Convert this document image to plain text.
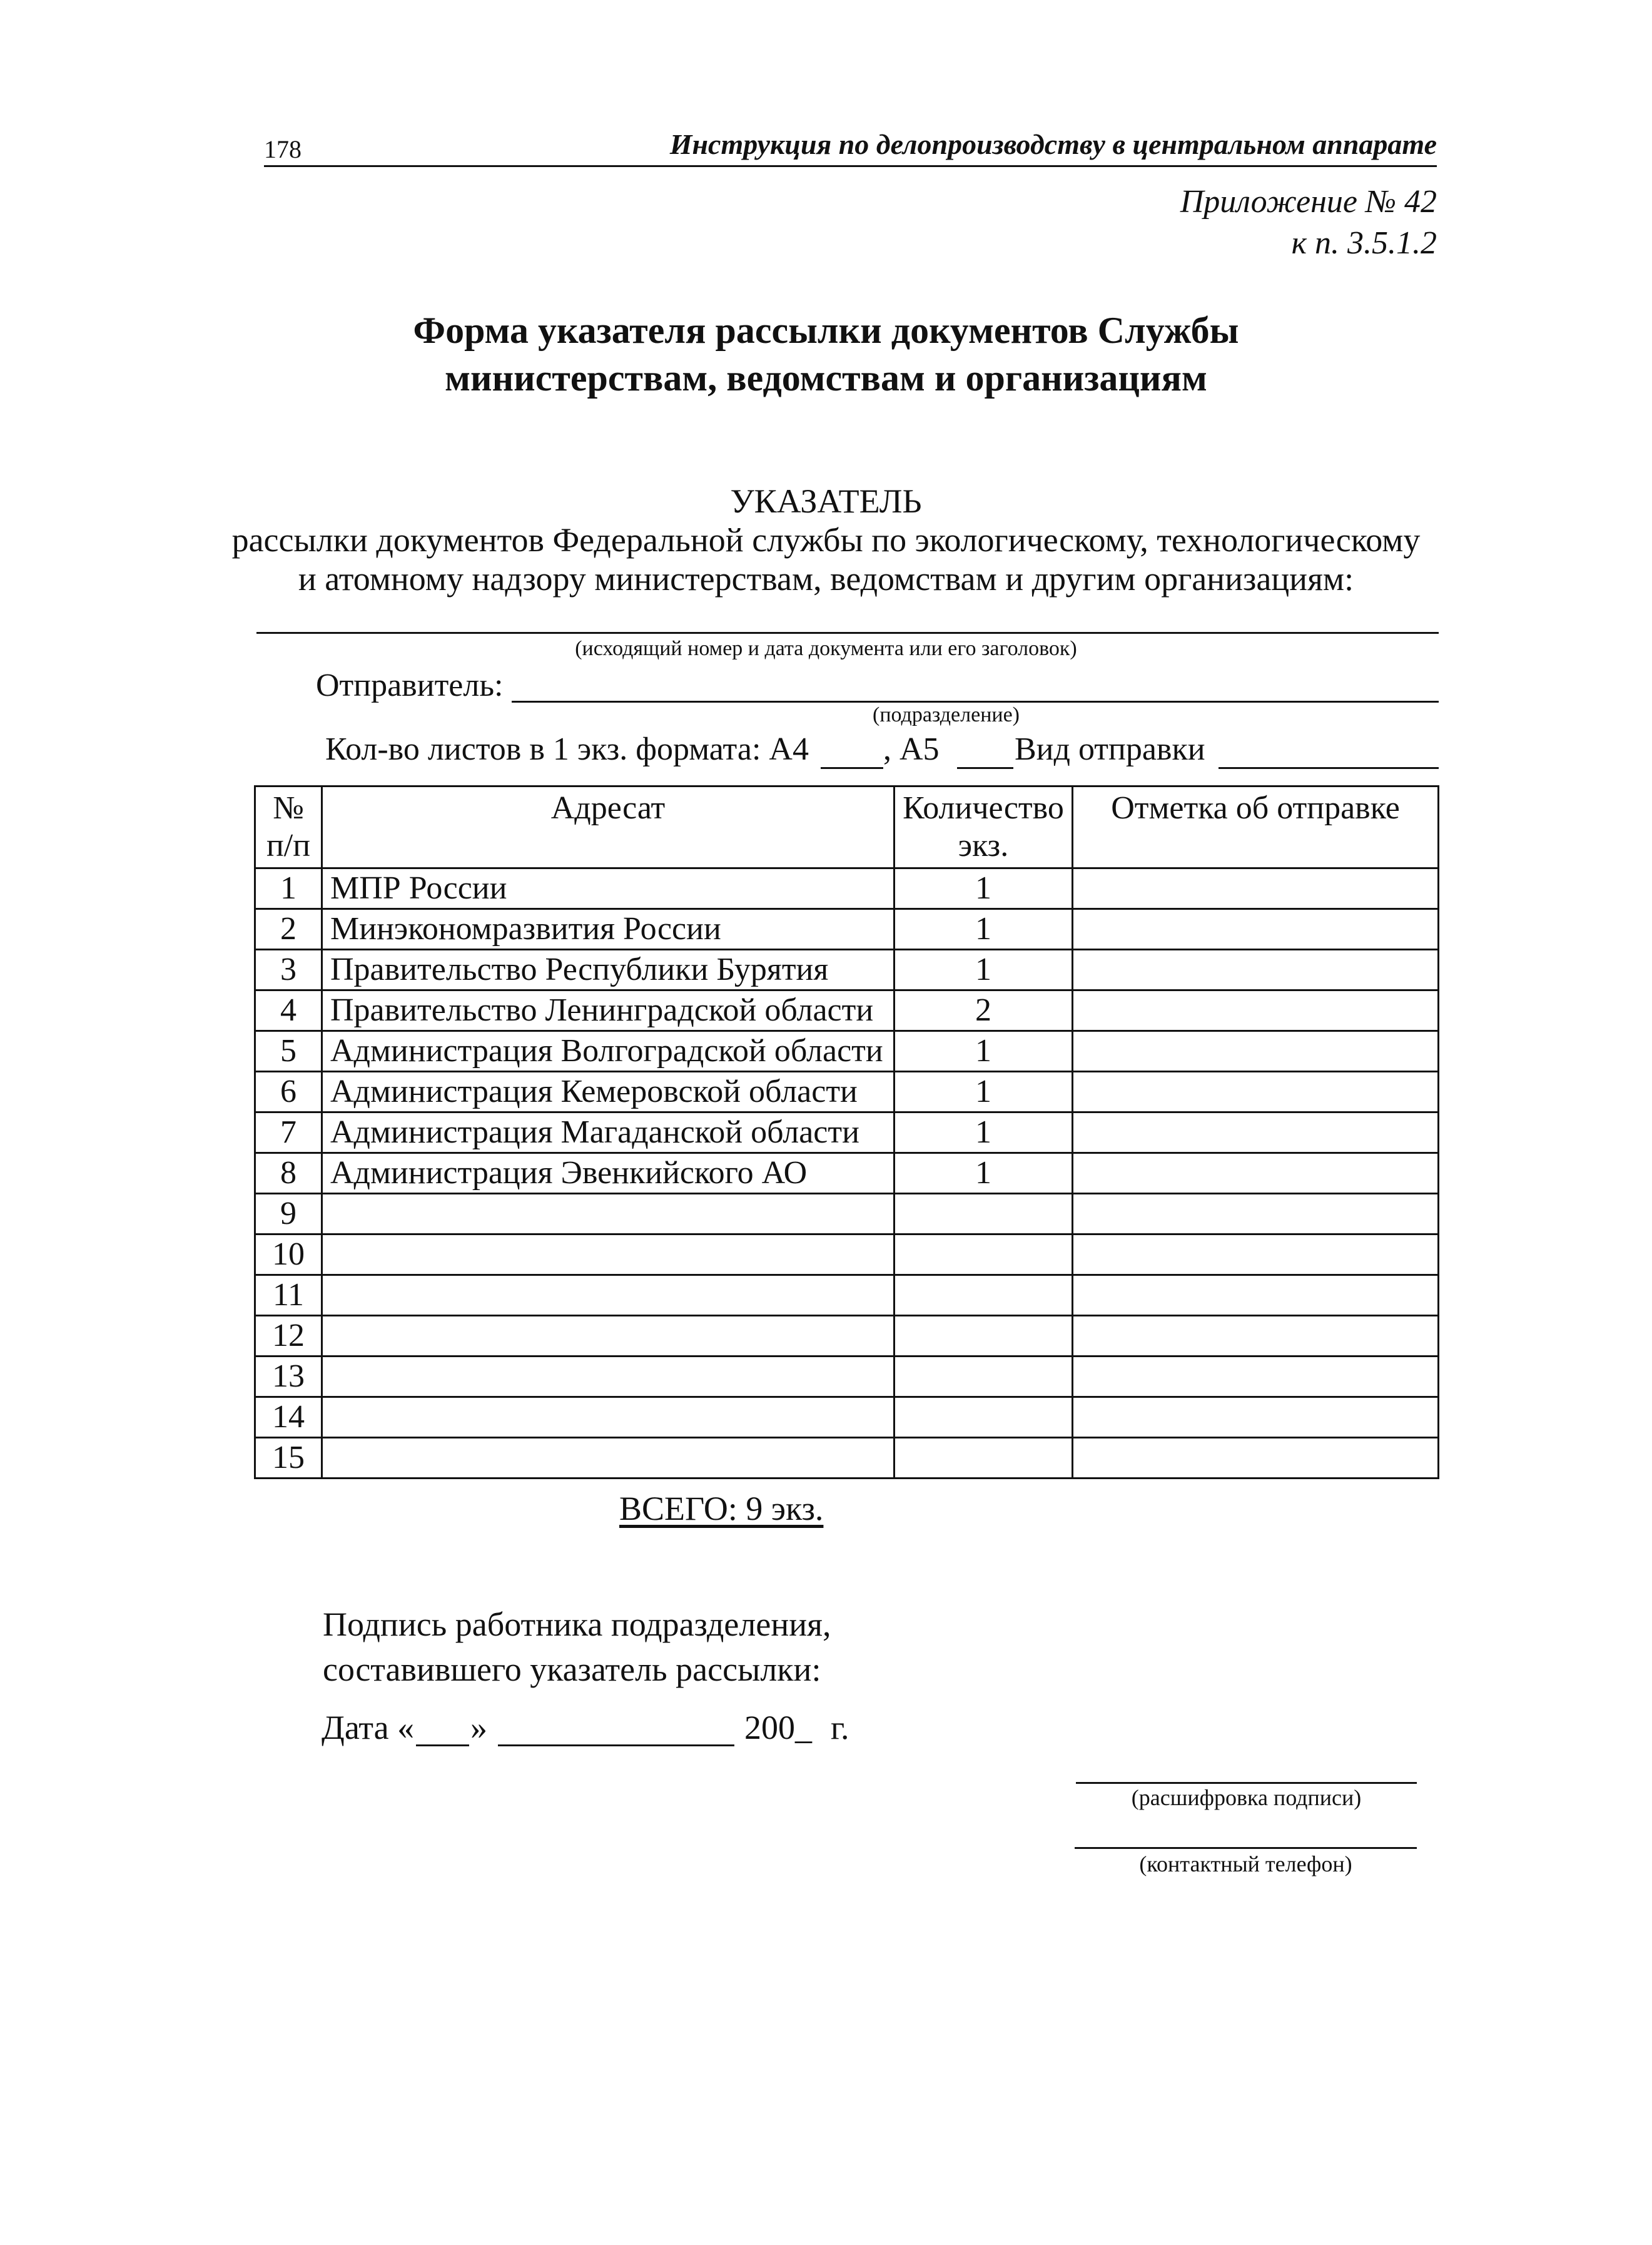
178	Инструкция по делопроизводству в центральном аппарате
Приложение № 42
к п. 3.5.1.2
Форма указателя рассылки документов Службы
министерствам, ведомствам и организациям
УКАЗАТЕЛЬ
рассылки документов Федеральной службы по экологическому, технологическому
и атомному надзору министерствам, ведомствам и другим организациям:
(исходящий номер и дата документа или его заголовок)
Отправитель:
(подразделение)
Кол-во листов в 1 экз. формата: А4 , А5 Вид отправки
№ п/п	Адресат	Количество экз.	Отметка об отправке
1	МПР России	1	
2	Минэкономразвития России	1	
3	Правительство Республики Бурятия	1	
4	Правительство Ленинградской области	2	
5	Администрация Волгоградской области	1	
6	Администрация Кемеровской области	1	
7	Администрация Магаданской области	1	
8	Администрация Эвенкийского АО	1	
9			
10			
11			
12			
13			
14			
15			
ВСЕГО: 9 экз.
Подпись работника подразделения,
составившего указатель рассылки:
Дата « »	200_ г.
(расшифровка подписи)
(контактный телефон)
